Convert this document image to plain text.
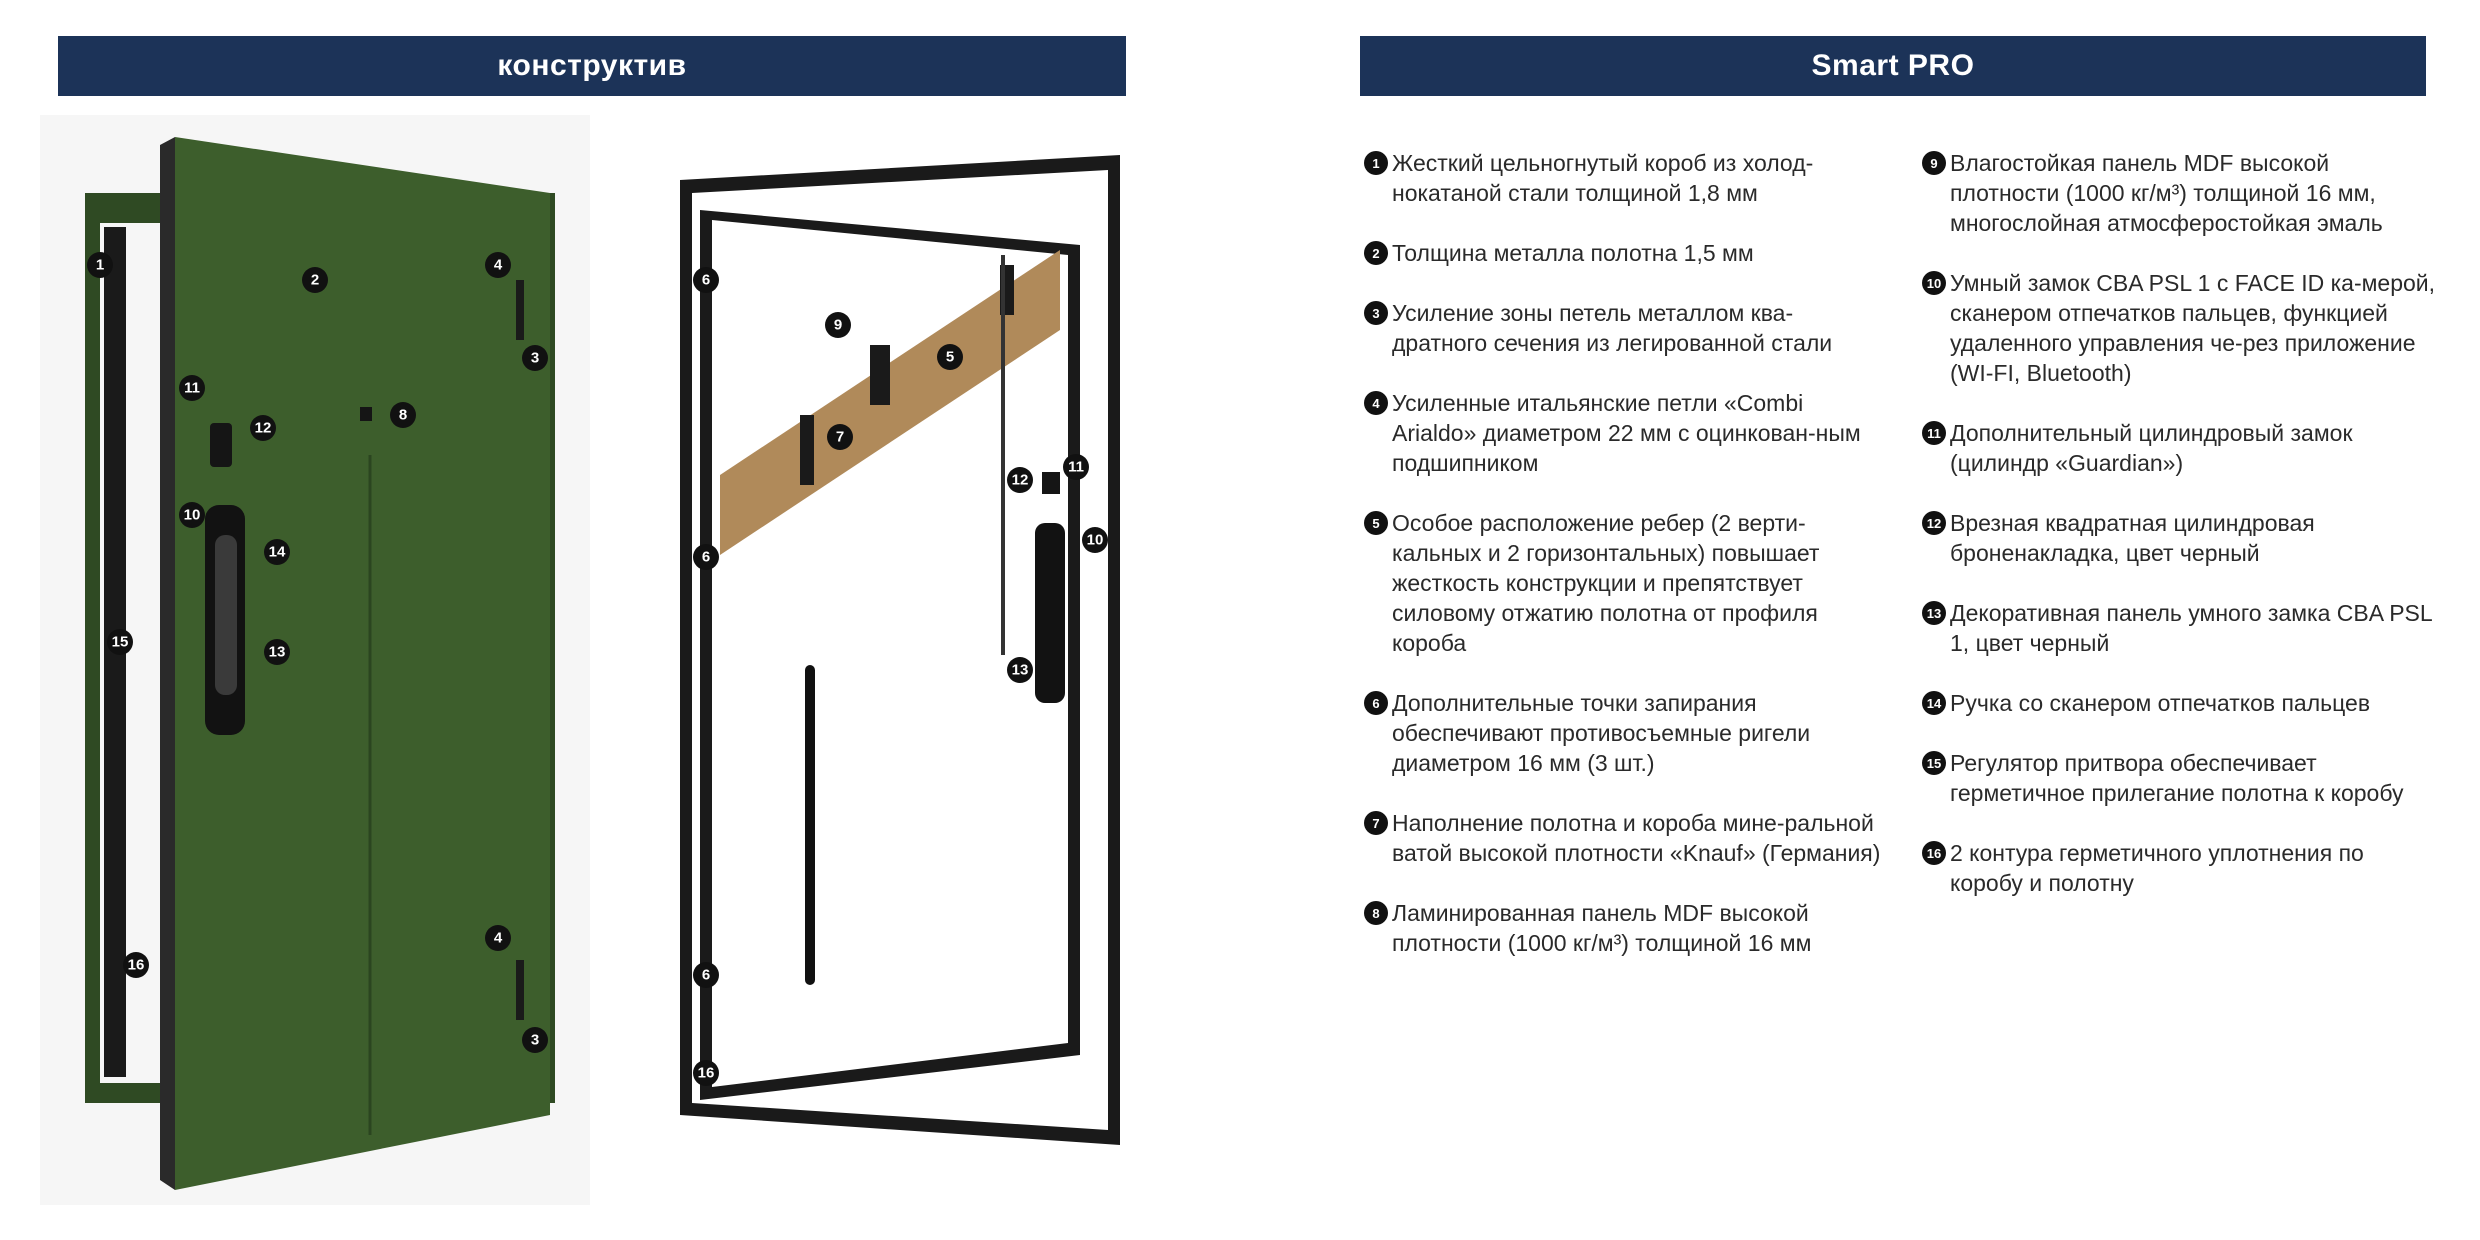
конструктив	Smart PRO
1
2
3
3
4
4
8
10
11
12
13
14
15
16
5
6
6
6
7
9
10
11
12
13
16
1 Жесткий цельногнутый короб из холод-нокатаной стали толщиной 1,8 мм
2 Толщина металла полотна 1,5 мм
3 Усиление зоны петель металлом ква-дратного сечения из легированной стали
4 Усиленные итальянские петли «Combi Arialdo» диаметром 22 мм с оцинкован-ным подшипником
5 Особое расположение ребер (2 верти-кальных и 2 горизонтальных) повышает жесткость конструкции и препятствует силовому отжатию полотна от профиля короба
6 Дополнительные точки запирания обеспечивают противосъемные ригели диаметром 16 мм (3 шт.)
7 Наполнение полотна и короба мине-ральной ватой высокой плотности «Knauf» (Германия)
8 Ламинированная панель MDF высокой плотности (1000 кг/м³) толщиной 16 мм
9 Влагостойкая панель MDF высокой плотности (1000 кг/м³) толщиной 16 мм, многослойная атмосферостойкая эмаль
10 Умный замок CBA PSL 1 с FACE ID ка-мерой, сканером отпечатков пальцев, функцией удаленного управления че-рез приложение (WI-FI, Bluetooth)
11 Дополнительный цилиндровый замок (цилиндр «Guardian»)
12 Врезная квадратная цилиндровая броненакладка, цвет черный
13 Декоративная панель умного замка CBA PSL 1, цвет черный
14 Ручка со сканером отпечатков пальцев
15 Регулятор притвора обеспечивает герметичное прилегание полотна к коробу
16 2 контура герметичного уплотнения по коробу и полотну
